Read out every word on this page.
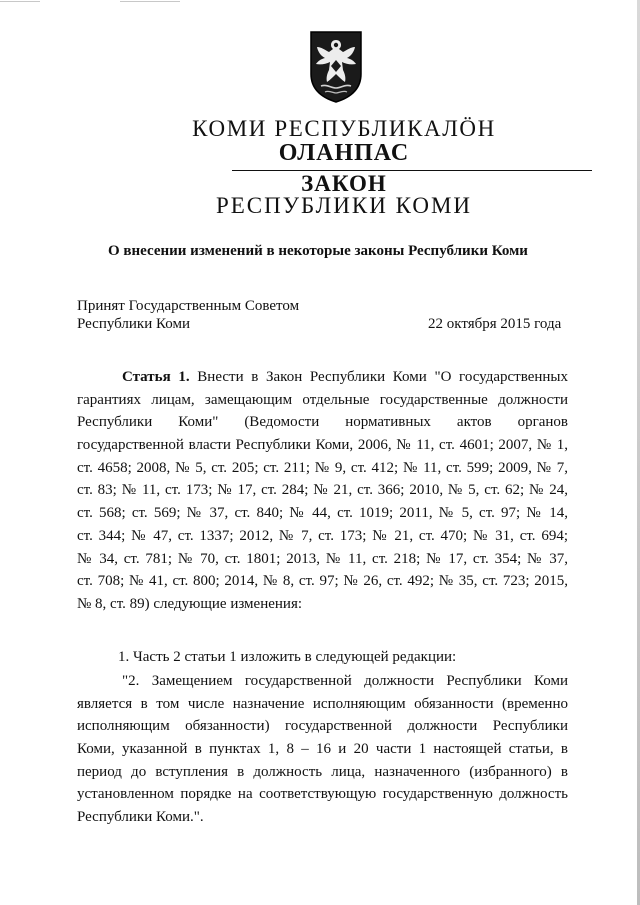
КОМИ РЕСПУБЛИКАЛÖН
ОЛАНПАС
ЗАКОН
РЕСПУБЛИКИ КОМИ
О внесении изменений в некоторые законы Республики Коми
Принят Государственным Советом
Республики Коми	22 октября 2015 года
Статья 1. Внести в Закон Республики Коми "О государственных
гарантиях лицам, замещающим отдельные государственные должности
Республики Коми" (Ведомости нормативных актов органов
государственной власти Республики Коми, 2006, № 11, ст. 4601; 2007, № 1,
ст. 4658; 2008, № 5, ст. 205; ст. 211; № 9, ст. 412; № 11, ст. 599; 2009, № 7,
ст. 83; № 11, ст. 173; № 17, ст. 284; № 21, ст. 366; 2010, № 5, ст. 62; № 24,
ст. 568; ст. 569; № 37, ст. 840; № 44, ст. 1019; 2011, № 5, ст. 97; № 14,
ст. 344; № 47, ст. 1337; 2012, № 7, ст. 173; № 21, ст. 470; № 31, ст. 694;
№ 34, ст. 781; № 70, ст. 1801; 2013, № 11, ст. 218; № 17, ст. 354; № 37,
ст. 708; № 41, ст. 800; 2014, № 8, ст. 97; № 26, ст. 492; № 35, ст. 723; 2015,
№ 8, ст. 89) следующие изменения:
1. Часть 2 статьи 1 изложить в следующей редакции:
"2. Замещением государственной должности Республики Коми
является в том числе назначение исполняющим обязанности (временно
исполняющим обязанности) государственной должности Республики
Коми, указанной в пунктах 1, 8 – 16 и 20 части 1 настоящей статьи, в
период до вступления в должность лица, назначенного (избранного) в
установленном порядке на соответствующую государственную должность
Республики Коми.".
